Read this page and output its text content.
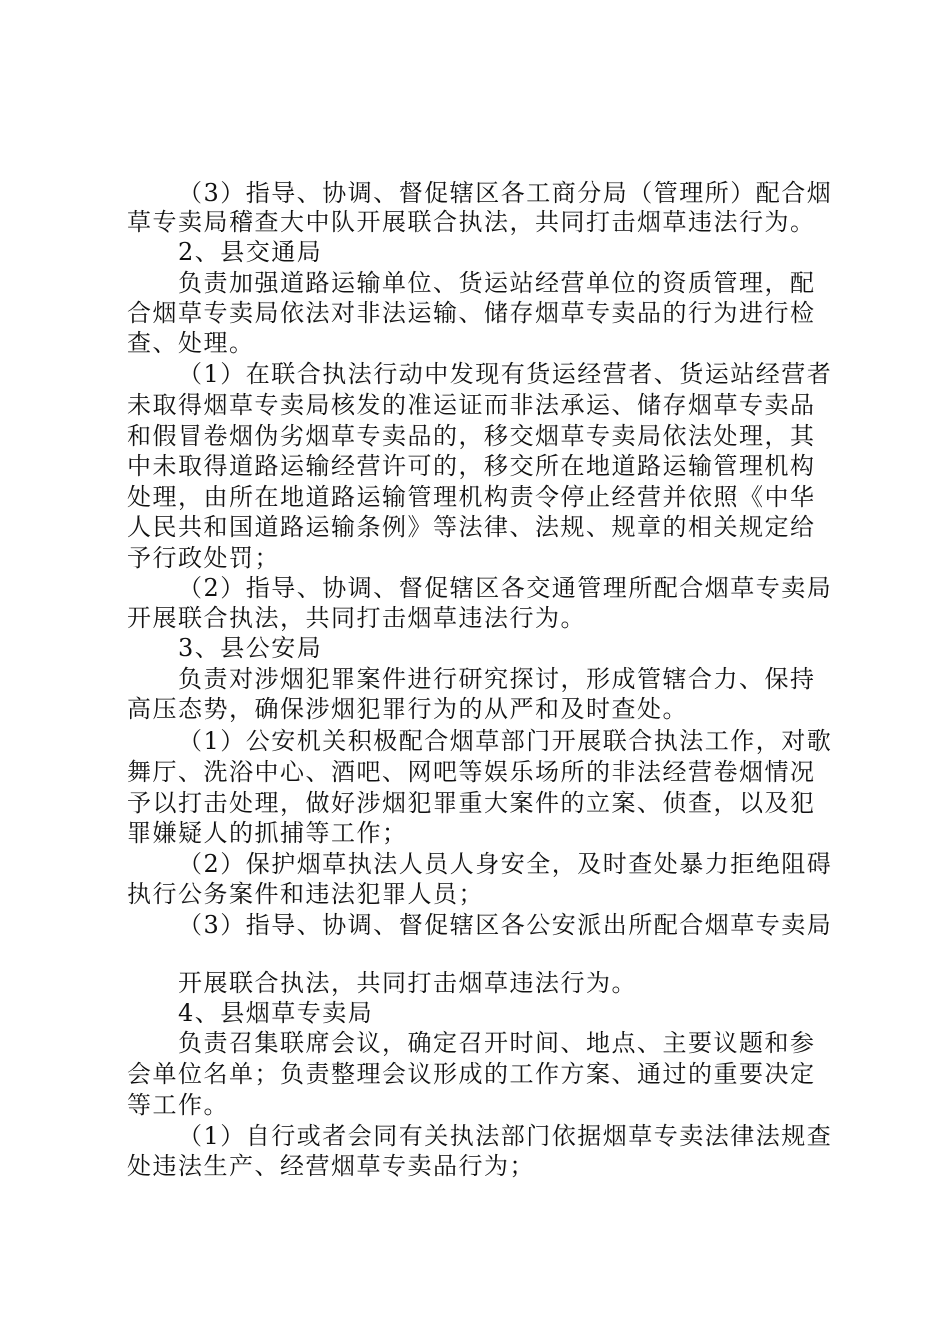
（3）指导、协调、督促辖区各工商分局（管理所）配合烟
草专卖局稽查大中队开展联合执法，共同打击烟草违法行为。
2、县交通局
负责加强道路运输单位、货运站经营单位的资质管理，配
合烟草专卖局依法对非法运输、储存烟草专卖品的行为进行检
查、处理。
（1）在联合执法行动中发现有货运经营者、货运站经营者
未取得烟草专卖局核发的准运证而非法承运、储存烟草专卖品
和假冒卷烟伪劣烟草专卖品的，移交烟草专卖局依法处理，其
中未取得道路运输经营许可的，移交所在地道路运输管理机构
处理，由所在地道路运输管理机构责令停止经营并依照《中华
人民共和国道路运输条例》等法律、法规、规章的相关规定给
予行政处罚；
（2）指导、协调、督促辖区各交通管理所配合烟草专卖局
开展联合执法，共同打击烟草违法行为。
3、县公安局
负责对涉烟犯罪案件进行研究探讨，形成管辖合力、保持
高压态势，确保涉烟犯罪行为的从严和及时查处。
（1）公安机关积极配合烟草部门开展联合执法工作，对歌
舞厅、洗浴中心、酒吧、网吧等娱乐场所的非法经营卷烟情况
予以打击处理，做好涉烟犯罪重大案件的立案、侦查，以及犯
罪嫌疑人的抓捕等工作；
（2）保护烟草执法人员人身安全，及时查处暴力拒绝阻碍
执行公务案件和违法犯罪人员；
（3）指导、协调、督促辖区各公安派出所配合烟草专卖局
开展联合执法，共同打击烟草违法行为。
4、县烟草专卖局
负责召集联席会议，确定召开时间、地点、主要议题和参
会单位名单；负责整理会议形成的工作方案、通过的重要决定
等工作。
（1）自行或者会同有关执法部门依据烟草专卖法律法规查
处违法生产、经营烟草专卖品行为；
